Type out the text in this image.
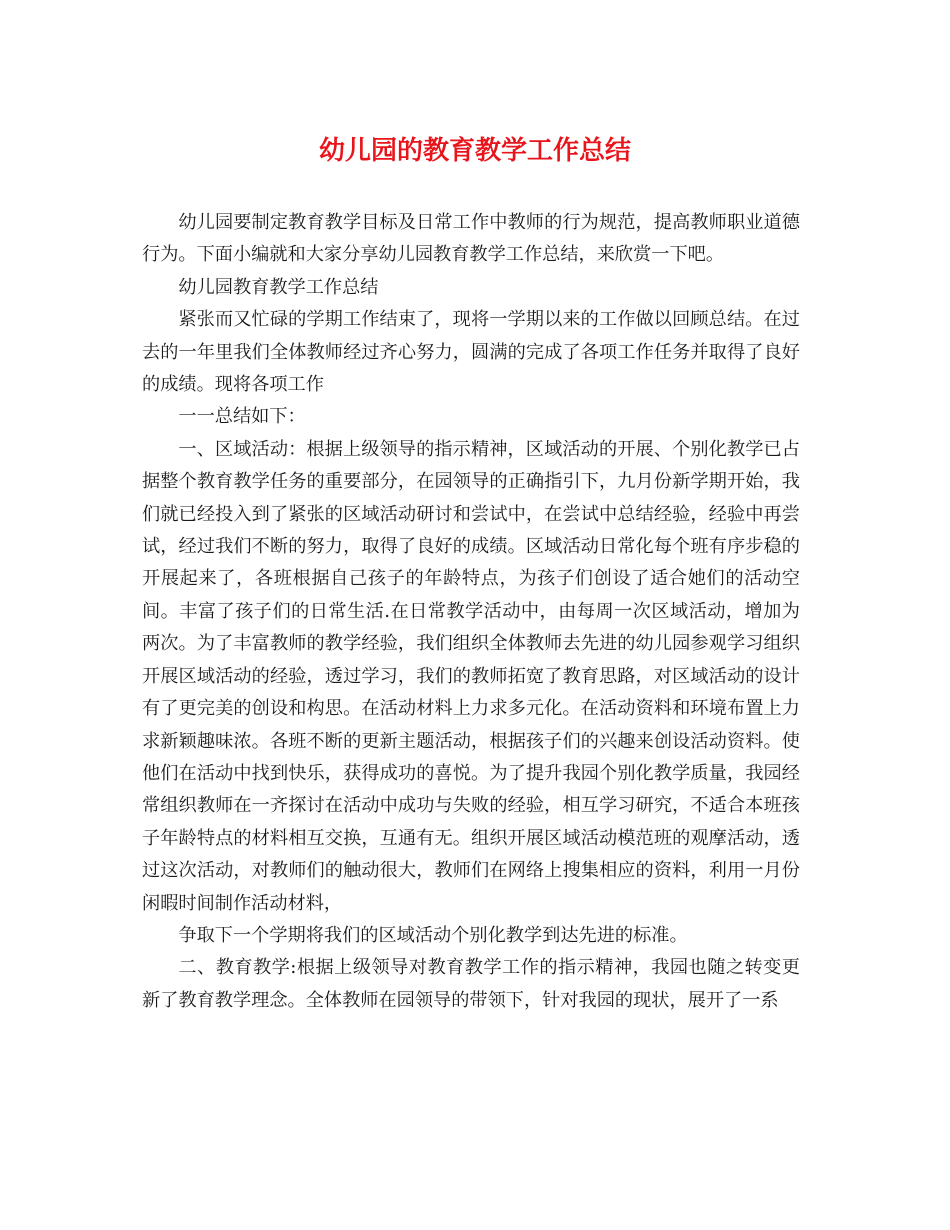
幼儿园的教育教学工作总结

幼儿园要制定教育教学目标及日常工作中教师的行为规范，提高教师职业道德行为。下面小编就和大家分享幼儿园教育教学工作总结，来欣赏一下吧。

幼儿园教育教学工作总结

紧张而又忙碌的学期工作结束了，现将一学期以来的工作做以回顾总结。在过去的一年里我们全体教师经过齐心努力，圆满的完成了各项工作任务并取得了良好的成绩。现将各项工作

一一总结如下：

一、区域活动：根据上级领导的指示精神，区域活动的开展、个别化教学已占据整个教育教学任务的重要部分，在园领导的正确指引下，九月份新学期开始，我们就已经投入到了紧张的区域活动研讨和尝试中，在尝试中总结经验，经验中再尝试，经过我们不断的努力，取得了良好的成绩。区域活动日常化每个班有序步稳的开展起来了，各班根据自己孩子的年龄特点，为孩子们创设了适合她们的活动空间。丰富了孩子们的日常生活.在日常教学活动中，由每周一次区域活动，增加为两次。为了丰富教师的教学经验，我们组织全体教师去先进的幼儿园参观学习组织开展区域活动的经验，透过学习，我们的教师拓宽了教育思路，对区域活动的设计有了更完美的创设和构思。在活动材料上力求多元化。在活动资料和环境布置上力求新颖趣味浓。各班不断的更新主题活动，根据孩子们的兴趣来创设活动资料。使他们在活动中找到快乐，获得成功的喜悦。为了提升我园个别化教学质量，我园经常组织教师在一齐探讨在活动中成功与失败的经验，相互学习研究，不适合本班孩子年龄特点的材料相互交换，互通有无。组织开展区域活动模范班的观摩活动，透过这次活动，对教师们的触动很大，教师们在网络上搜集相应的资料，利用一月份闲暇时间制作活动材料，

争取下一个学期将我们的区域活动个别化教学到达先进的标准。

二、教育教学:根据上级领导对教育教学工作的指示精神，我园也随之转变更新了教育教学理念。全体教师在园领导的带领下，针对我园的现状，展开了一系
